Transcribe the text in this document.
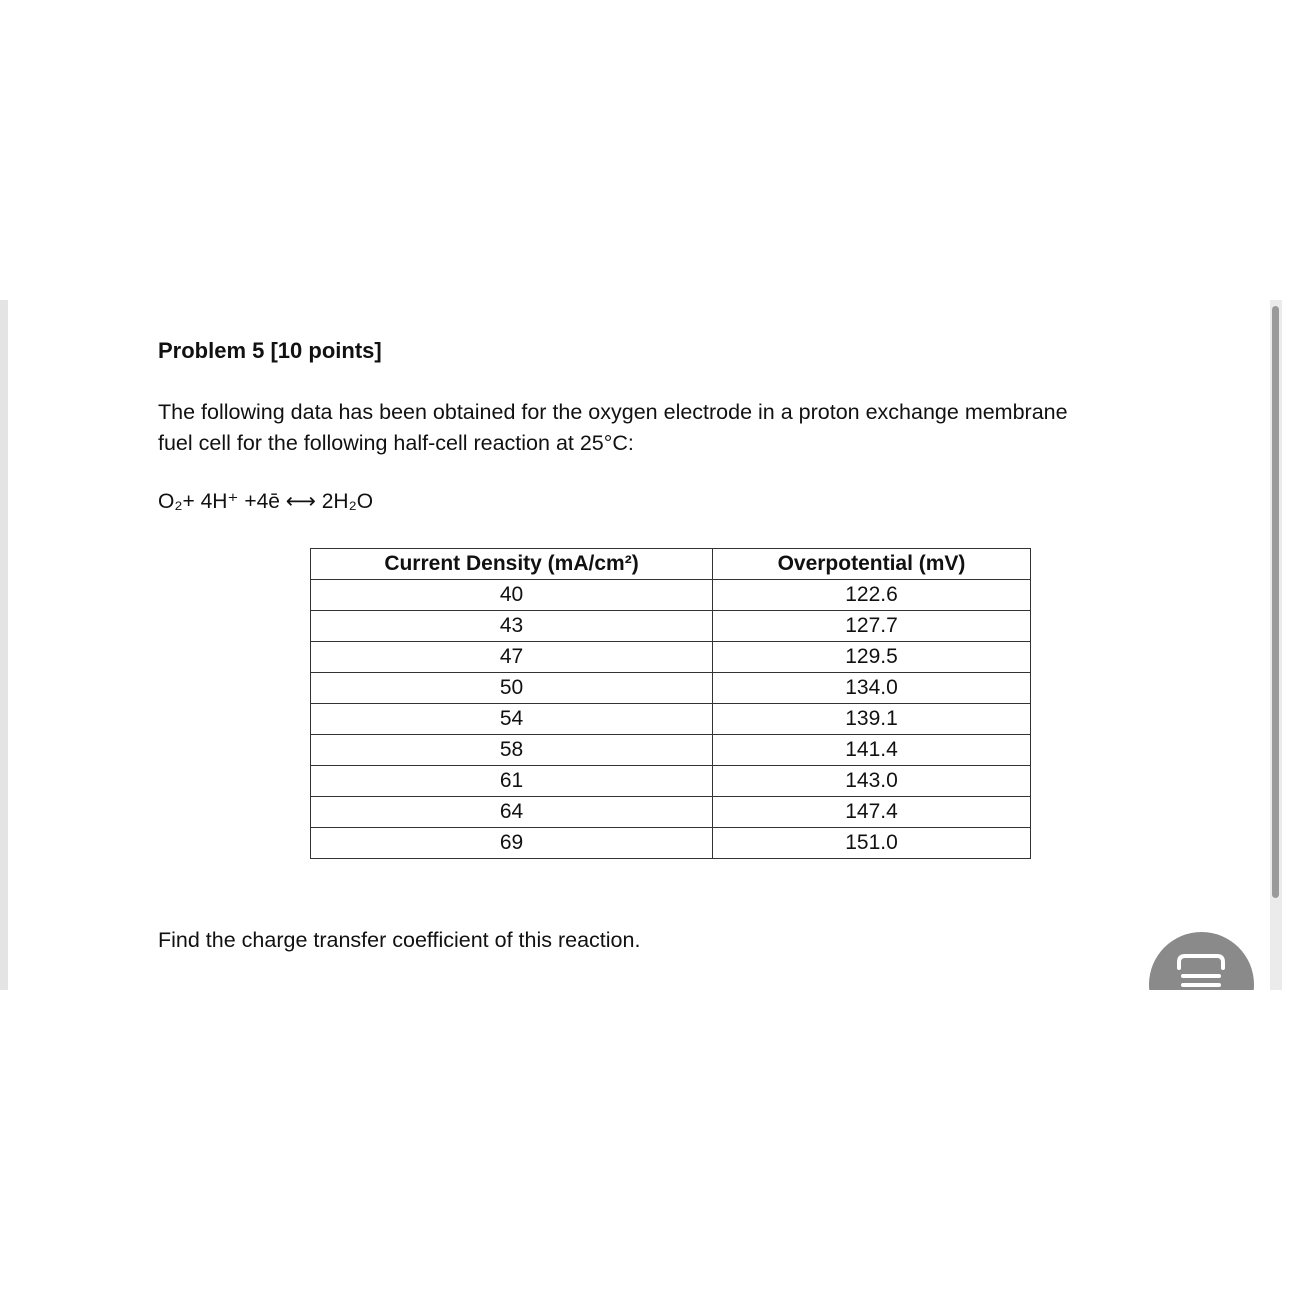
Problem 5 [10 points]
The following data has been obtained for the oxygen electrode in a proton exchange membrane
fuel cell for the following half-cell reaction at 25°C:
O₂+ 4H⁺ +4ē ⟷ 2H₂O
Current Density (mA/cm²)	Overpotential (mV)
40	122.6
43	127.7
47	129.5
50	134.0
54	139.1
58	141.4
61	143.0
64	147.4
69	151.0
Find the charge transfer coefficient of this reaction.
